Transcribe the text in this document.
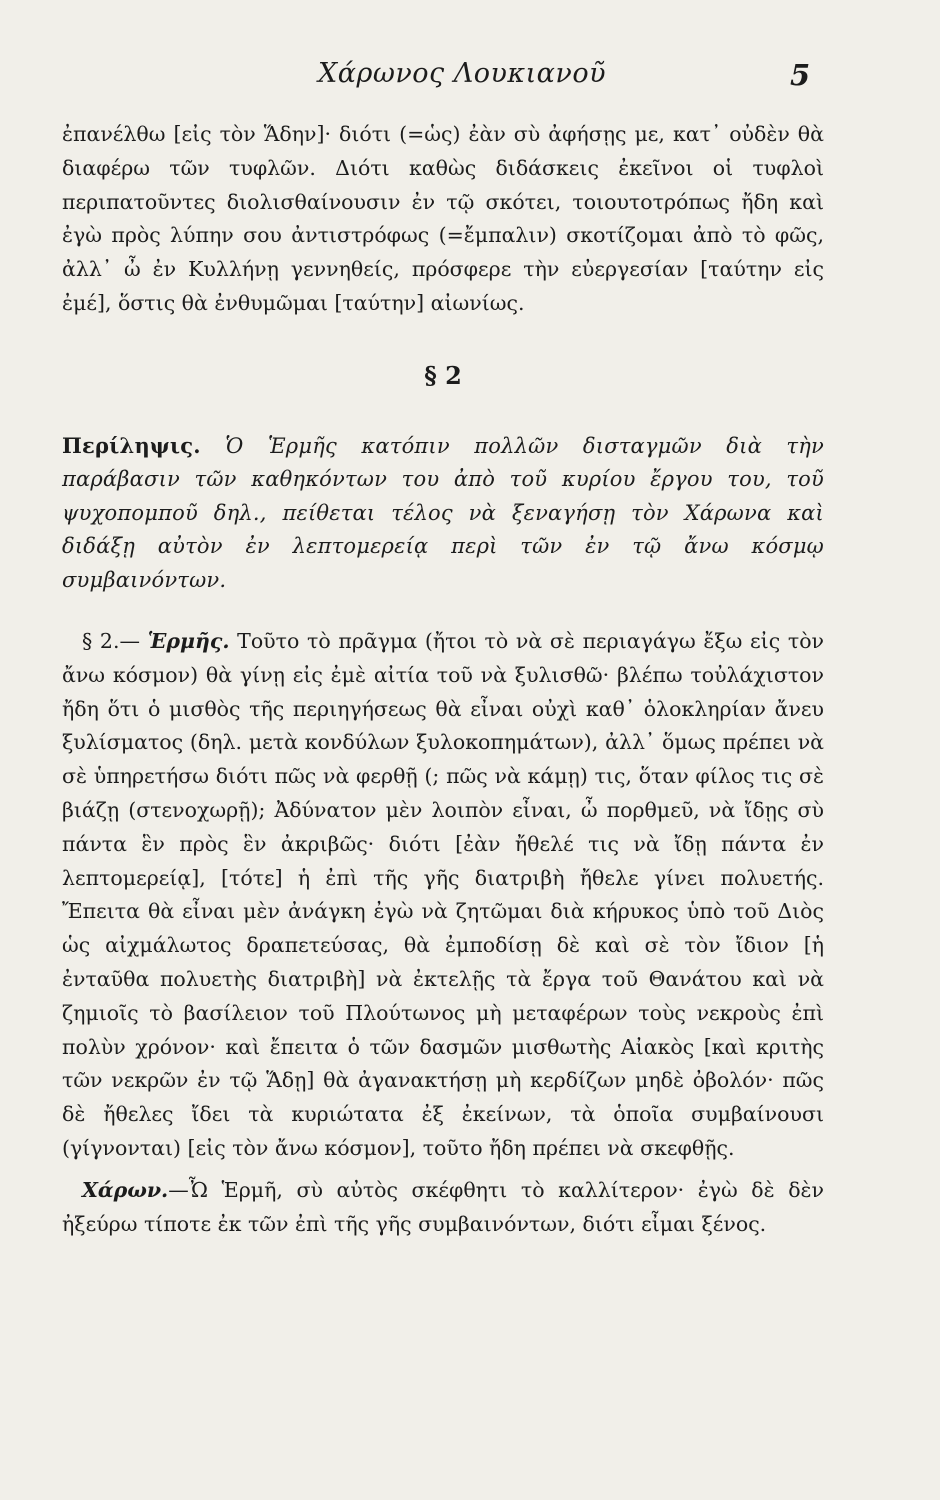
Χάρωνος Λουκιανοῦ	5

ἐπανέλθω [εἰς τὸν Ἅδην]· διότι (=ὡς) ἐὰν σὺ ἀφήσῃς με, κατ᾽ οὐδὲν θὰ διαφέρω τῶν τυφλῶν. Διότι καθὼς διδάσκεις ἐκεῖνοι οἱ τυφλοὶ περιπατοῦντες διολισθαίνουσιν ἐν τῷ σκότει, τοιουτοτρόπως ἤδη καὶ ἐγὼ πρὸς λύπην σου ἀντιστρόφως (=ἔμπαλιν) σκοτίζομαι ἀπὸ τὸ φῶς, ἀλλ᾽ ὦ ἐν Κυλλήνῃ γεννηθείς, πρόσφερε τὴν εὐεργεσίαν [ταύτην εἰς ἐμέ], ὅστις θὰ ἐνθυμῶμαι [ταύτην] αἰωνίως.

§ 2

Περίληψις. Ὁ Ἑρμῆς κατόπιν πολλῶν δισταγμῶν διὰ τὴν παράβασιν τῶν καθηκόντων του ἀπὸ τοῦ κυρίου ἔργου του, τοῦ ψυχοπομποῦ δηλ., πείθεται τέλος νὰ ξεναγήσῃ τὸν Χάρωνα καὶ διδάξῃ αὐτὸν ἐν λεπτομερείᾳ περὶ τῶν ἐν τῷ ἄνω κόσμῳ συμβαινόντων.

§ 2.— Ἑρμῆς. Τοῦτο τὸ πρᾶγμα (ἤτοι τὸ νὰ σὲ περιαγάγω ἔξω εἰς τὸν ἄνω κόσμον) θὰ γίνῃ εἰς ἐμὲ αἰτία τοῦ νὰ ξυλισθῶ· βλέπω τοὐλάχιστον ἤδη ὅτι ὁ μισθὸς τῆς περιηγήσεως θὰ εἶναι οὐχὶ καθ᾽ ὁλοκληρίαν ἄνευ ξυλίσματος (δηλ. μετὰ κονδύλων ξυλοκοπημάτων), ἀλλ᾽ ὅμως πρέπει νὰ σὲ ὑπηρετήσω διότι πῶς νὰ φερθῇ (; πῶς νὰ κάμῃ) τις, ὅταν φίλος τις σὲ βιάζῃ (στενοχωρῇ); Ἀδύνατον μὲν λοιπὸν εἶναι, ὦ πορθμεῦ, νὰ ἴδῃς σὺ πάντα ἓν πρὸς ἓν ἀκριβῶς· διότι [ἐὰν ἤθελέ τις νὰ ἴδῃ πάντα ἐν λεπτομερείᾳ], [τότε] ἡ ἐπὶ τῆς γῆς διατριβὴ ἤθελε γίνει πολυετής. Ἔπειτα θὰ εἶναι μὲν ἀνάγκη ἐγὼ νὰ ζητῶμαι διὰ κήρυκος ὑπὸ τοῦ Διὸς ὡς αἰχμάλωτος δραπετεύσας, θὰ ἐμποδίσῃ δὲ καὶ σὲ τὸν ἴδιον [ἡ ἐνταῦθα πολυετὴς διατριβὴ] νὰ ἐκτελῇς τὰ ἔργα τοῦ Θανάτου καὶ νὰ ζημιοῖς τὸ βασίλειον τοῦ Πλούτωνος μὴ μεταφέρων τοὺς νεκροὺς ἐπὶ πολὺν χρόνον· καὶ ἔπειτα ὁ τῶν δασμῶν μισθωτὴς Αἰακὸς [καὶ κριτὴς τῶν νεκρῶν ἐν τῷ Ἅδῃ] θὰ ἀγανακτήσῃ μὴ κερδίζων μηδὲ ὀβολόν· πῶς δὲ ἤθελες ἴδει τὰ κυριώτατα ἐξ ἐκείνων, τὰ ὁποῖα συμβαίνουσι (γίγνονται) [εἰς τὸν ἄνω κόσμον], τοῦτο ἤδη πρέπει νὰ σκεφθῇς.

Χάρων.—Ὦ Ἑρμῆ, σὺ αὐτὸς σκέφθητι τὸ καλλίτερον· ἐγὼ δὲ δὲν ἠξεύρω τίποτε ἐκ τῶν ἐπὶ τῆς γῆς συμβαινόντων, διότι εἶμαι ξένος.
